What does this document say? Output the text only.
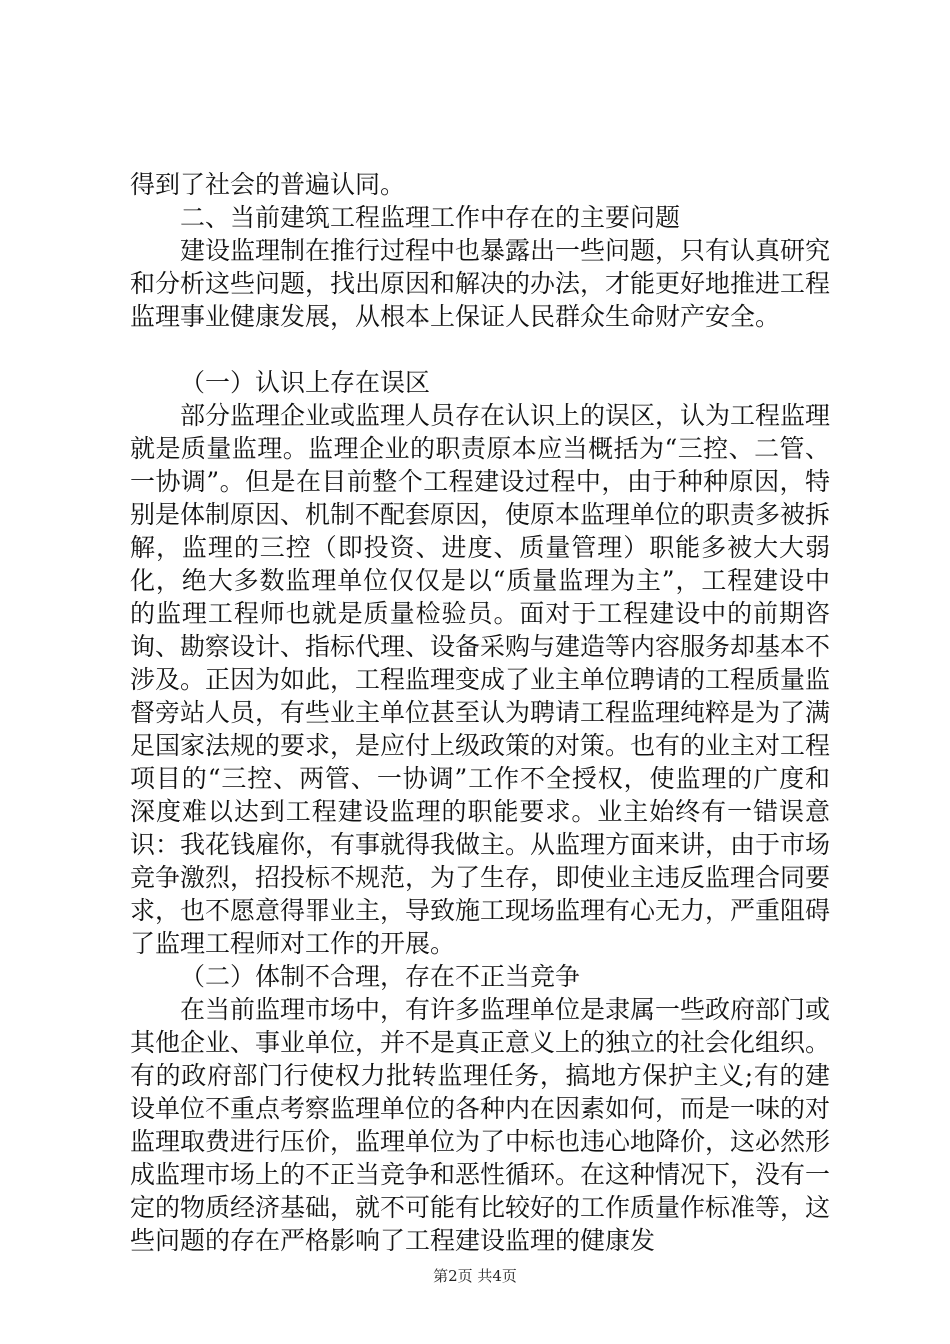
得到了社会的普遍认同。

二、当前建筑工程监理工作中存在的主要问题

建设监理制在推行过程中也暴露出一些问题，只有认真研究和分析这些问题，找出原因和解决的办法，才能更好地推进工程监理事业健康发展，从根本上保证人民群众生命财产安全。

（一）认识上存在误区

部分监理企业或监理人员存在认识上的误区，认为工程监理就是质量监理。监理企业的职责原本应当概括为“三控、二管、一协调”。但是在目前整个工程建设过程中，由于种种原因，特别是体制原因、机制不配套原因，使原本监理单位的职责多被拆解，监理的三控（即投资、进度、质量管理）职能多被大大弱化，绝大多数监理单位仅仅是以“质量监理为主”，工程建设中的监理工程师也就是质量检验员。面对于工程建设中的前期咨询、勘察设计、指标代理、设备采购与建造等内容服务却基本不涉及。正因为如此，工程监理变成了业主单位聘请的工程质量监督旁站人员，有些业主单位甚至认为聘请工程监理纯粹是为了满足国家法规的要求，是应付上级政策的对策。也有的业主对工程项目的“三控、两管、一协调”工作不全授权，使监理的广度和深度难以达到工程建设监理的职能要求。业主始终有一错误意识：我花钱雇你，有事就得我做主。从监理方面来讲，由于市场竞争激烈，招投标不规范，为了生存，即使业主违反监理合同要求，也不愿意得罪业主，导致施工现场监理有心无力，严重阻碍了监理工程师对工作的开展。

（二）体制不合理，存在不正当竞争

在当前监理市场中，有许多监理单位是隶属一些政府部门或其他企业、事业单位，并不是真正意义上的独立的社会化组织。有的政府部门行使权力批转监理任务，搞地方保护主义;有的建设单位不重点考察监理单位的各种内在因素如何，而是一味的对监理取费进行压价，监理单位为了中标也违心地降价，这必然形成监理市场上的不正当竞争和恶性循环。在这种情况下，没有一定的物质经济基础，就不可能有比较好的工作质量作标准等，这些问题的存在严格影响了工程建设监理的健康发

第2页 共4页
